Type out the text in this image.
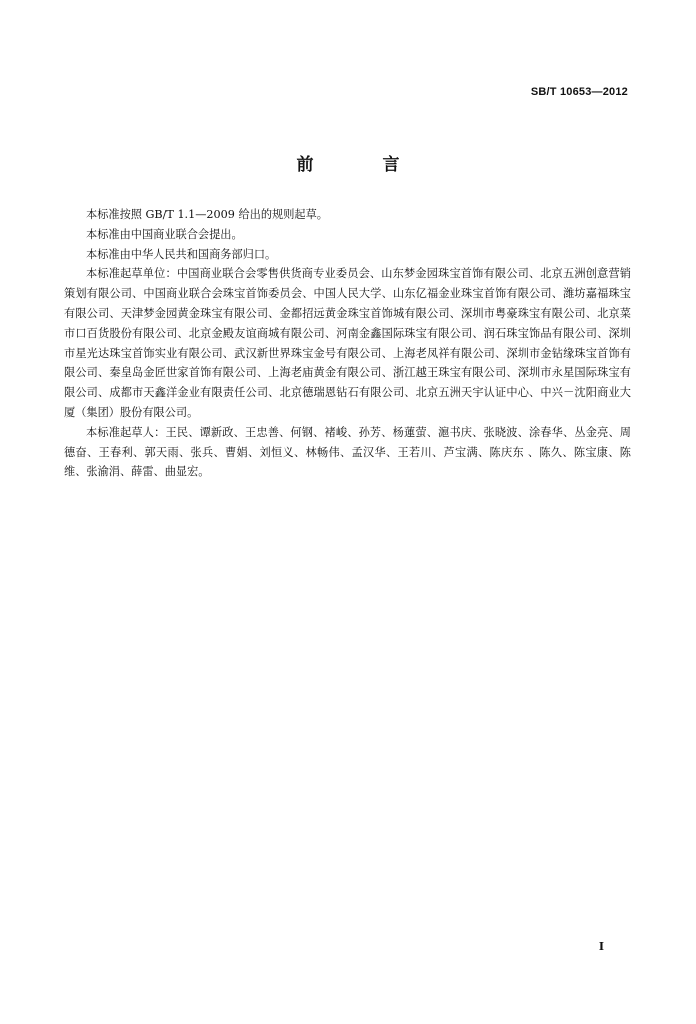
SB/T 10653—2012
前　言

本标准按照 GB/T 1.1—2009 给出的规则起草。

本标准由中国商业联合会提出。

本标准由中华人民共和国商务部归口。

本标准起草单位：中国商业联合会零售供货商专业委员会、山东梦金园珠宝首饰有限公司、北京五洲创意营销策划有限公司、中国商业联合会珠宝首饰委员会、中国人民大学、山东亿福金业珠宝首饰有限公司、潍坊嘉福珠宝有限公司、天津梦金园黄金珠宝有限公司、金都招远黄金珠宝首饰城有限公司、深圳市粤豪珠宝有限公司、北京菜市口百货股份有限公司、北京金殿友谊商城有限公司、河南金鑫国际珠宝有限公司、润石珠宝饰品有限公司、深圳市星光达珠宝首饰实业有限公司、武汉新世界珠宝金号有限公司、上海老凤祥有限公司、深圳市金钻缘珠宝首饰有限公司、秦皇岛金匠世家首饰有限公司、上海老庙黄金有限公司、浙江越王珠宝有限公司、深圳市永星国际珠宝有限公司、成都市天鑫洋金业有限责任公司、北京德瑞恩钻石有限公司、北京五洲天宇认证中心、中兴－沈阳商业大厦（集团）股份有限公司。

本标准起草人：王民、谭新政、王忠善、何钢、褚峻、孙芳、杨蓮萤、滬书庆、张晓波、涂春华、丛金亮、周德奋、王春利、郭天雨、张兵、曹娟、刘恒义、林畅伟、孟汉华、王若川、芦宝满、陈庆东 、陈久、陈宝康、陈维、张渝涓、薛雷、曲显宏。

I
